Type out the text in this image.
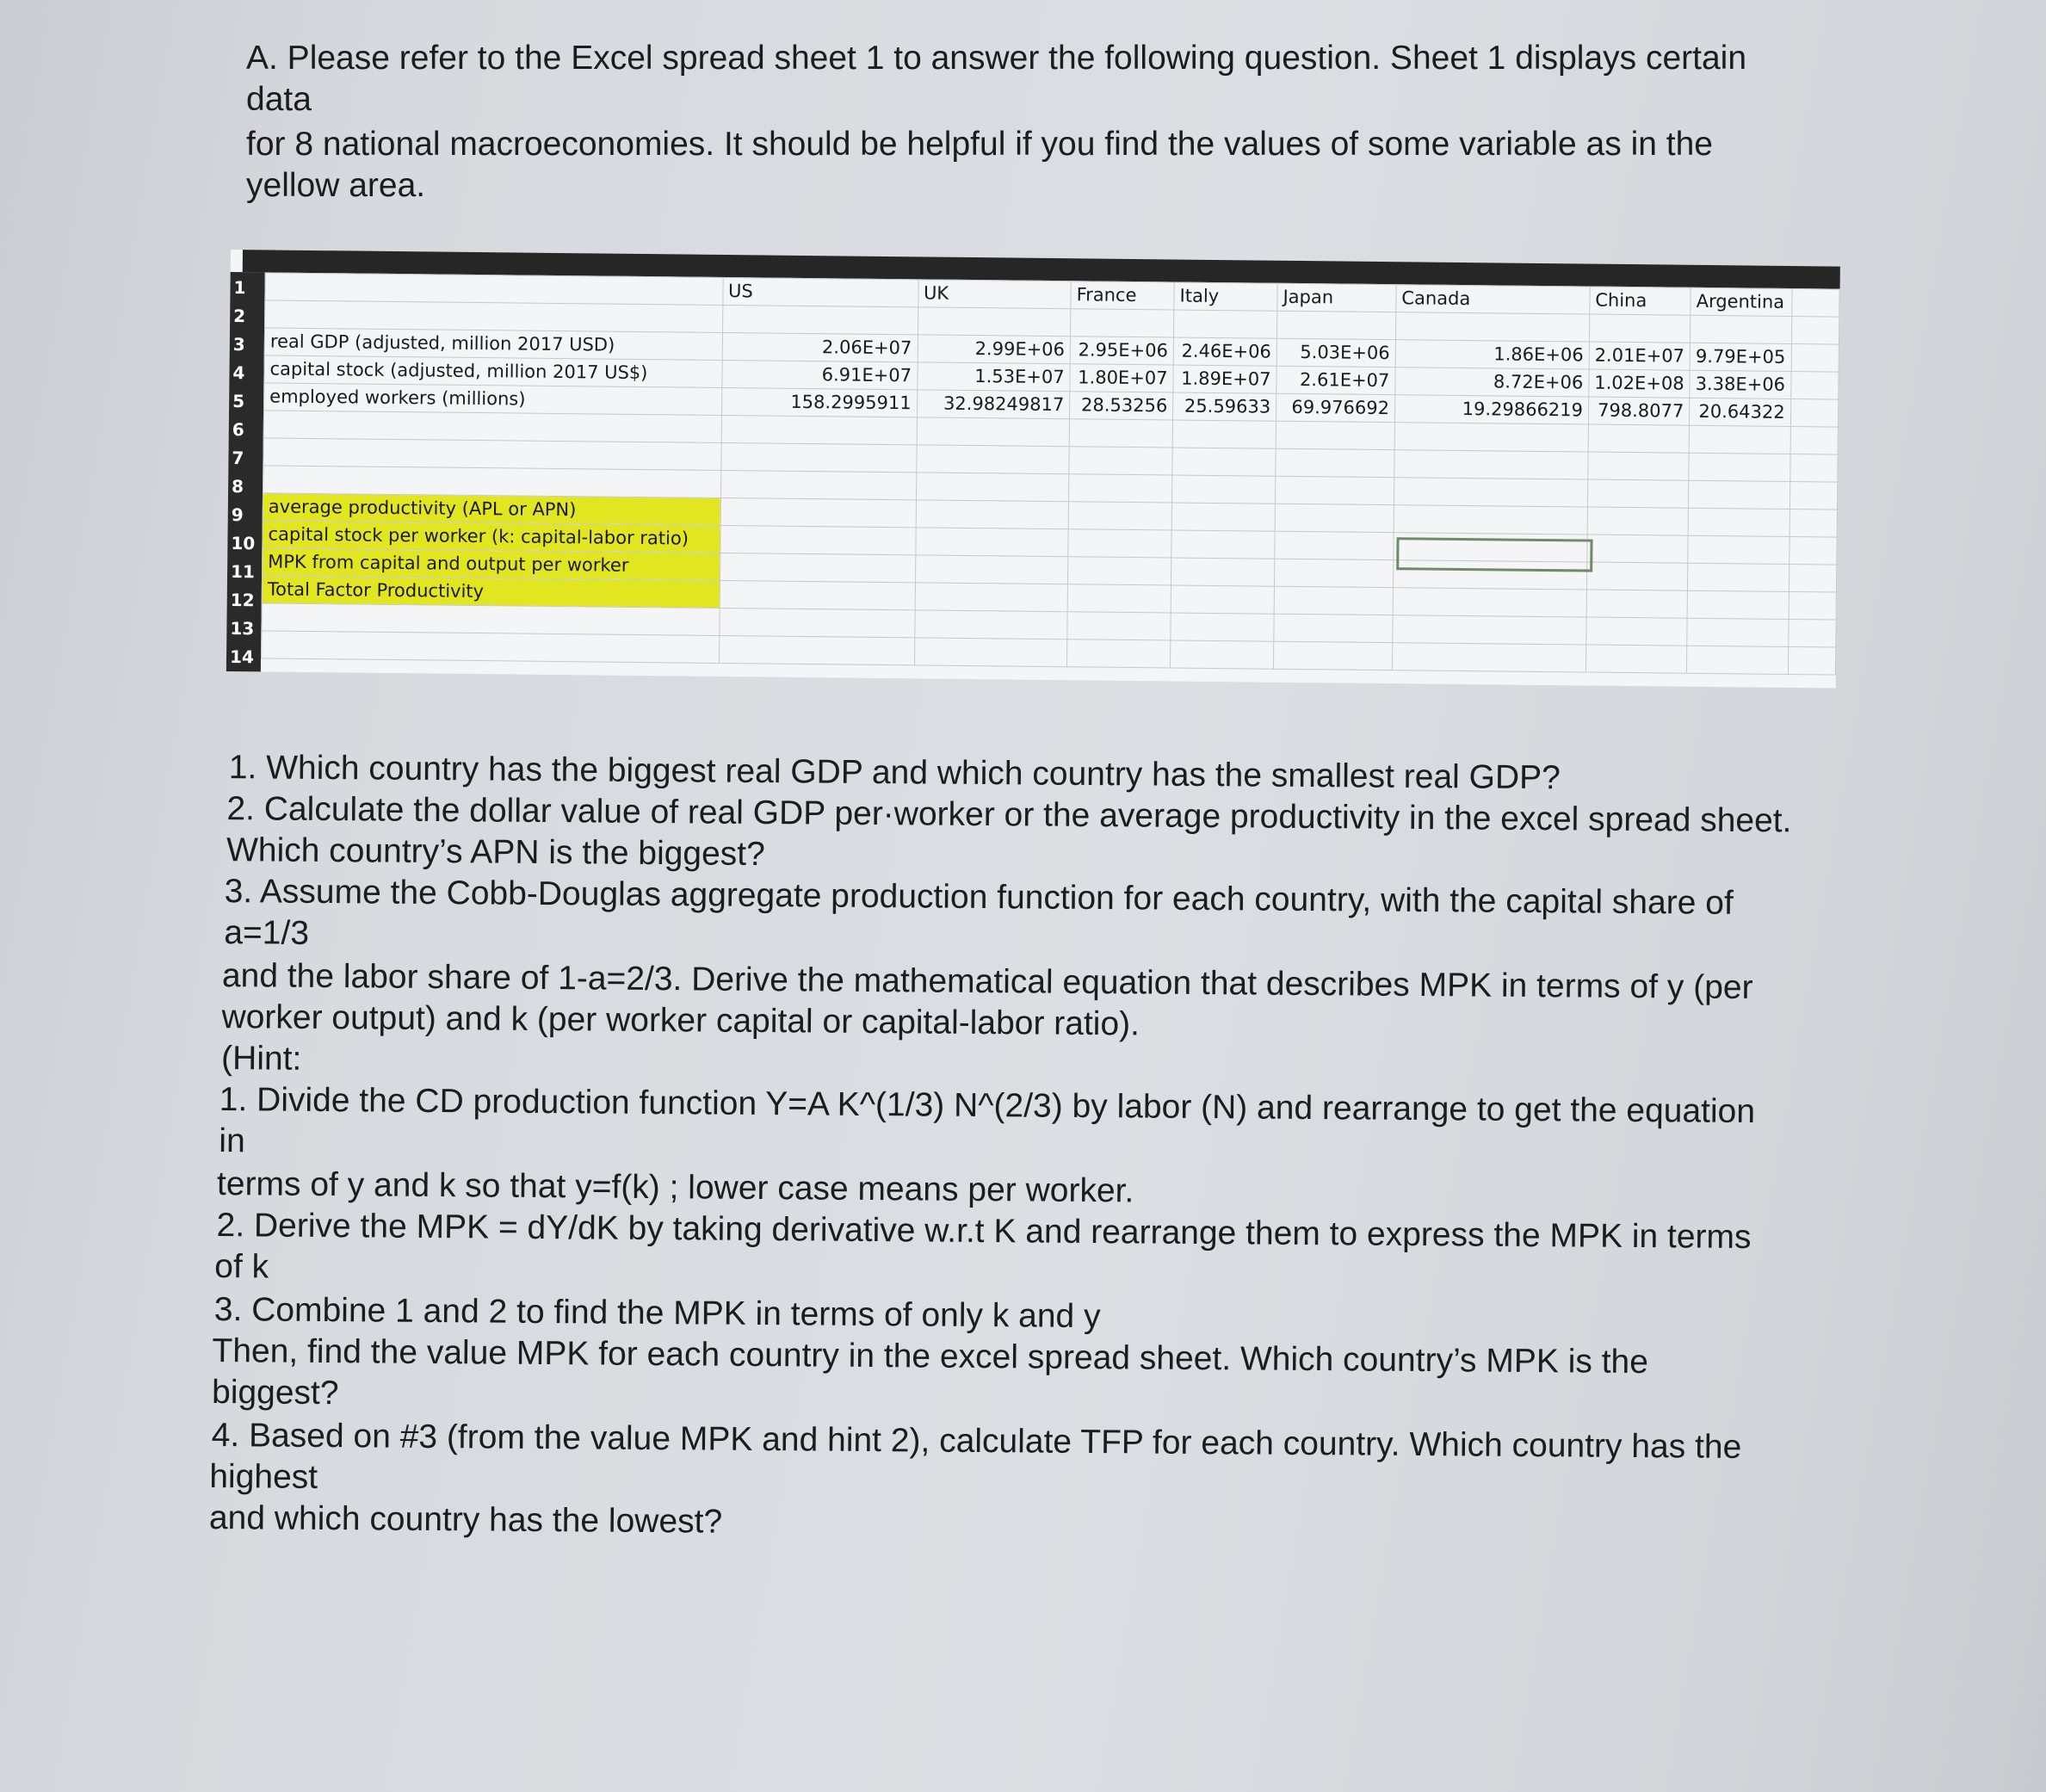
A. Please refer to the Excel spread sheet 1 to answer the following question. Sheet 1 displays certain

data

for 8 national macroeconomies. It should be helpful if you find the values of some variable as in the

yellow area.

1
2
3
4
5
6
7
8
9
10
11
12
13
14
	US	UK	France	Italy	Japan	Canada	China	Argentina	

real GDP (adjusted, million 2017 USD)	2.06E+07	2.99E+06	2.95E+06	2.46E+06	5.03E+06	1.86E+06	2.01E+07	9.79E+05	
capital stock (adjusted, million 2017 US$)	6.91E+07	1.53E+07	1.80E+07	1.89E+07	2.61E+07	8.72E+06	1.02E+08	3.38E+06	
employed workers (millions)	158.2995911	32.98249817	28.53256	25.59633	69.976692	19.29866219	798.8077	20.64322	

average productivity (APL or APN)									
capital stock per worker (k: capital-labor ratio)									
MPK from capital and output per worker									
Total Factor Productivity									

1. Which country has the biggest real GDP and which country has the smallest real GDP?

2. Calculate the dollar value of real GDP per·worker or the average productivity in the excel spread sheet.

Which country’s APN is the biggest?

3. Assume the Cobb-Douglas aggregate production function for each country, with the capital share of

a=1/3

and the labor share of 1-a=2/3. Derive the mathematical equation that describes MPK in terms of y (per

worker output) and k (per worker capital or capital-labor ratio).

(Hint:

1. Divide the CD production function Y=A K^(1/3) N^(2/3) by labor (N) and rearrange to get the equation

in

terms of y and k so that y=f(k) ; lower case means per worker.

2. Derive the MPK = dY/dK by taking derivative w.r.t K and rearrange them to express the MPK in terms

of k

3. Combine 1 and 2 to find the MPK in terms of only k and y

Then, find the value MPK for each country in the excel spread sheet. Which country’s MPK is the

biggest?

4. Based on #3 (from the value MPK and hint 2), calculate TFP for each country. Which country has the

highest

and which country has the lowest?
